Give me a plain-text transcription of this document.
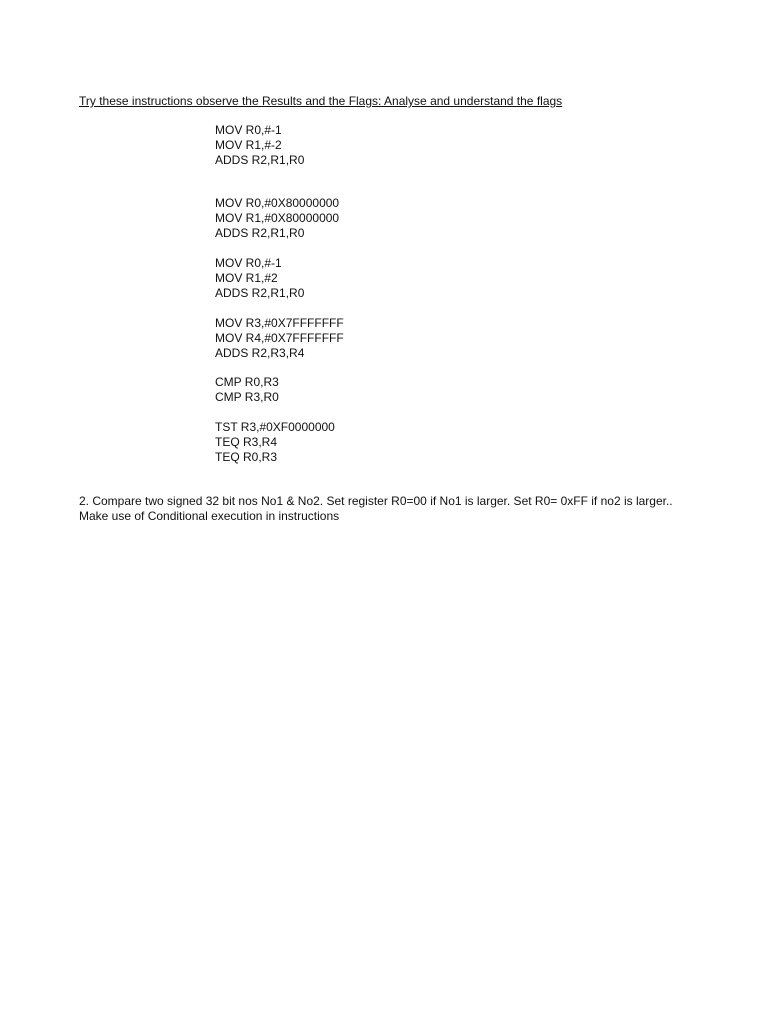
Try these instructions observe the Results and the Flags: Analyse and understand the flags
MOV R0,#-1
MOV R1,#-2
ADDS R2,R1,R0
MOV R0,#0X80000000
MOV R1,#0X80000000
ADDS R2,R1,R0
MOV R0,#-1
MOV R1,#2
ADDS R2,R1,R0
MOV R3,#0X7FFFFFFF
MOV R4,#0X7FFFFFFF
ADDS R2,R3,R4
CMP R0,R3
CMP R3,R0
TST R3,#0XF0000000
TEQ R3,R4
TEQ R0,R3
2. Compare two signed 32 bit nos No1 & No2. Set register R0=00 if No1 is larger. Set R0= 0xFF if no2 is larger..
Make use of Conditional execution in instructions
